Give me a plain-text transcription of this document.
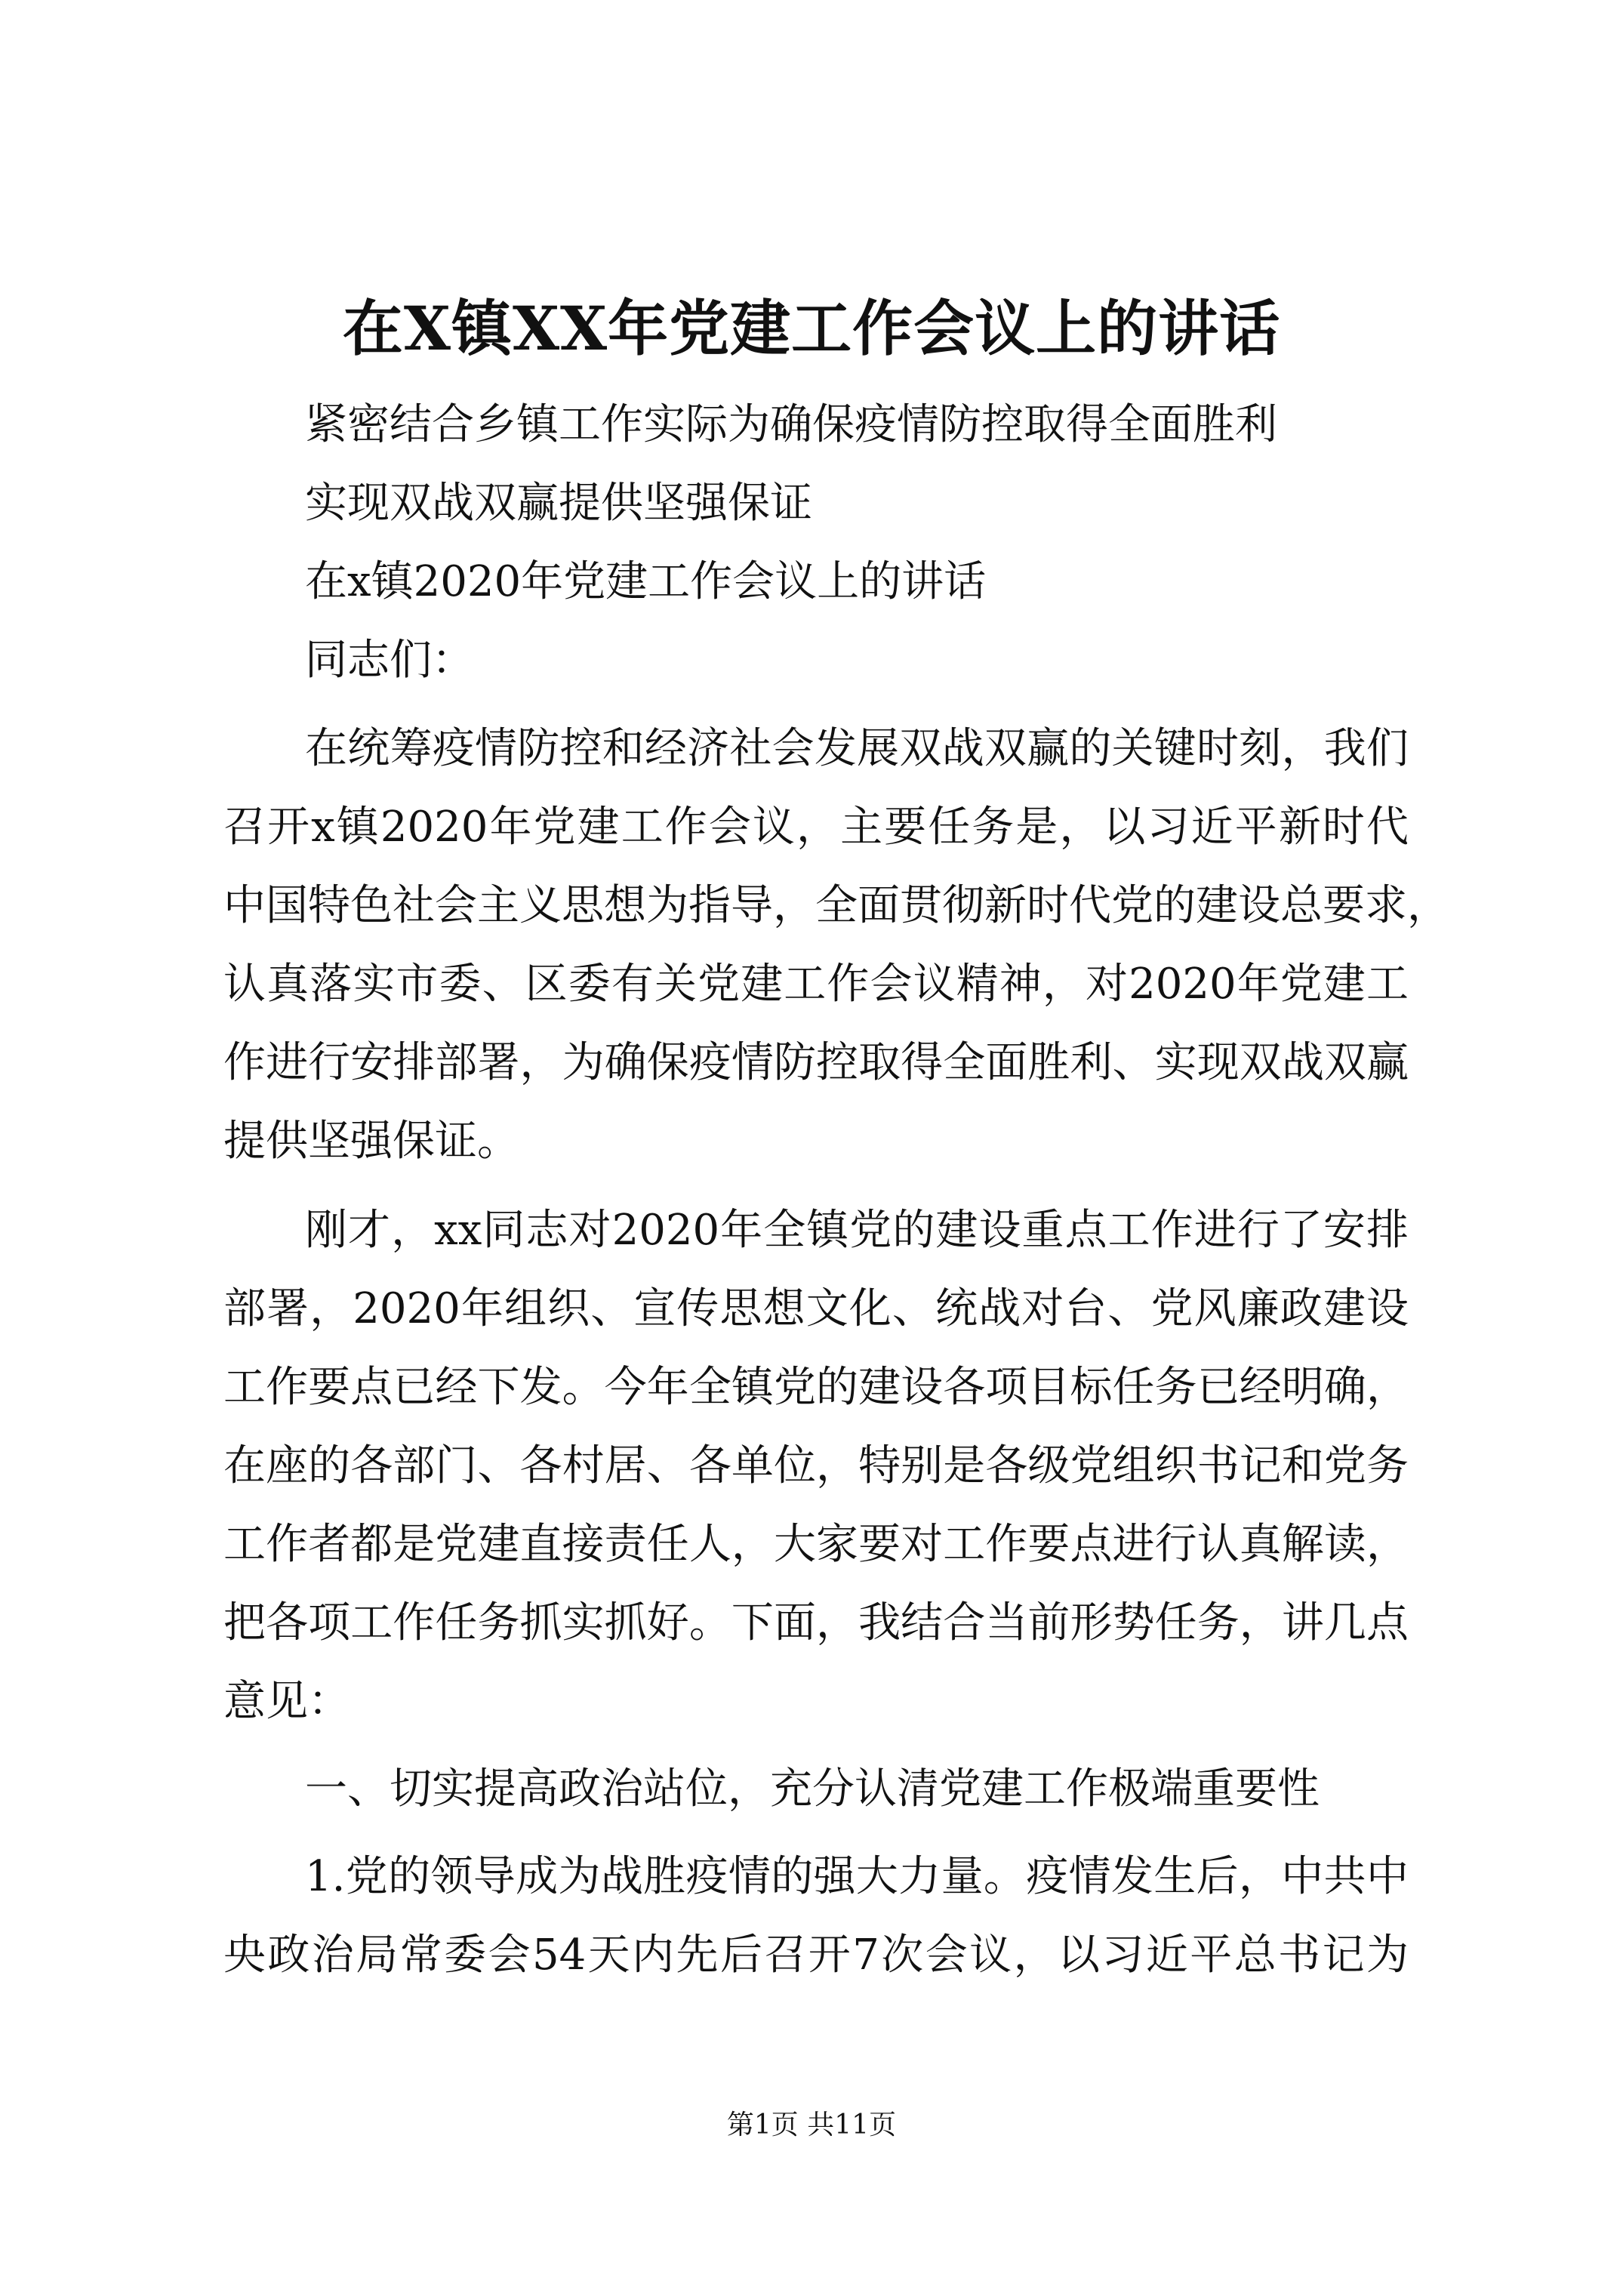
在X镇XX年党建工作会议上的讲话
紧密结合乡镇工作实际为确保疫情防控取得全面胜利
实现双战双赢提供坚强保证
在x镇2020年党建工作会议上的讲话
同志们：
在统筹疫情防控和经济社会发展双战双赢的关键时刻，我们
召开x镇2020年党建工作会议，主要任务是，以习近平新时代
中国特色社会主义思想为指导，全面贯彻新时代党的建设总要求，
认真落实市委、区委有关党建工作会议精神，对2020年党建工
作进行安排部署，为确保疫情防控取得全面胜利、实现双战双赢
提供坚强保证。
刚才，xx同志对2020年全镇党的建设重点工作进行了安排
部署，2020年组织、宣传思想文化、统战对台、党风廉政建设
工作要点已经下发。今年全镇党的建设各项目标任务已经明确，
在座的各部门、各村居、各单位，特别是各级党组织书记和党务
工作者都是党建直接责任人，大家要对工作要点进行认真解读，
把各项工作任务抓实抓好。下面，我结合当前形势任务，讲几点
意见：
一、切实提高政治站位，充分认清党建工作极端重要性
1.党的领导成为战胜疫情的强大力量。疫情发生后，中共中
央政治局常委会54天内先后召开7次会议，以习近平总书记为
第1页 共11页
